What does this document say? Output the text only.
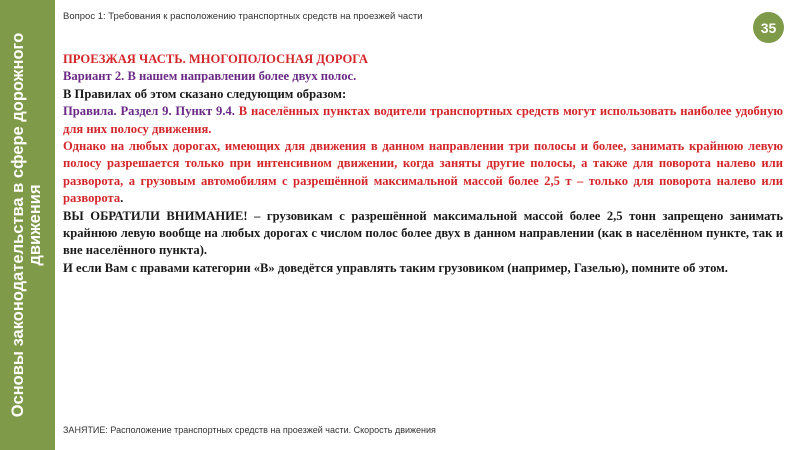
Основы законодательства в сфере дорожного движения
Вопрос 1: Требования к расположению транспортных средств на проезжей части
35

ПРОЕЗЖАЯ ЧАСТЬ. МНОГОПОЛОСНАЯ ДОРОГА

Вариант 2. В нашем направлении более двух полос.

В Правилах об этом сказано следующим образом:

Правила. Раздел 9. Пункт 9.4. В населённых пунктах водители транспортных средств могут использовать наиболее удобную для них полосу движения.

Однако на любых дорогах, имеющих для движения в данном направлении три полосы и более, занимать крайнюю левую полосу разрешается только при интенсивном движении, когда заняты другие полосы, а также для поворота налево или разворота, а грузовым автомобилям с разрешённой максимальной массой более 2,5 т – только для поворота налево или разворота.

ВЫ ОБРАТИЛИ ВНИМАНИЕ! – грузовикам с разрешённой максимальной массой более 2,5 тонн запрещено занимать крайнюю левую вообще на любых дорогах с числом полос более двух в данном направлении (как в населённом пункте, так и вне населённого пункта).

И если Вам с правами категории «В» доведётся управлять таким грузовиком (например, Газелью), помните об этом.

ЗАНЯТИЕ: Расположение транспортных средств на проезжей части. Скорость движения
